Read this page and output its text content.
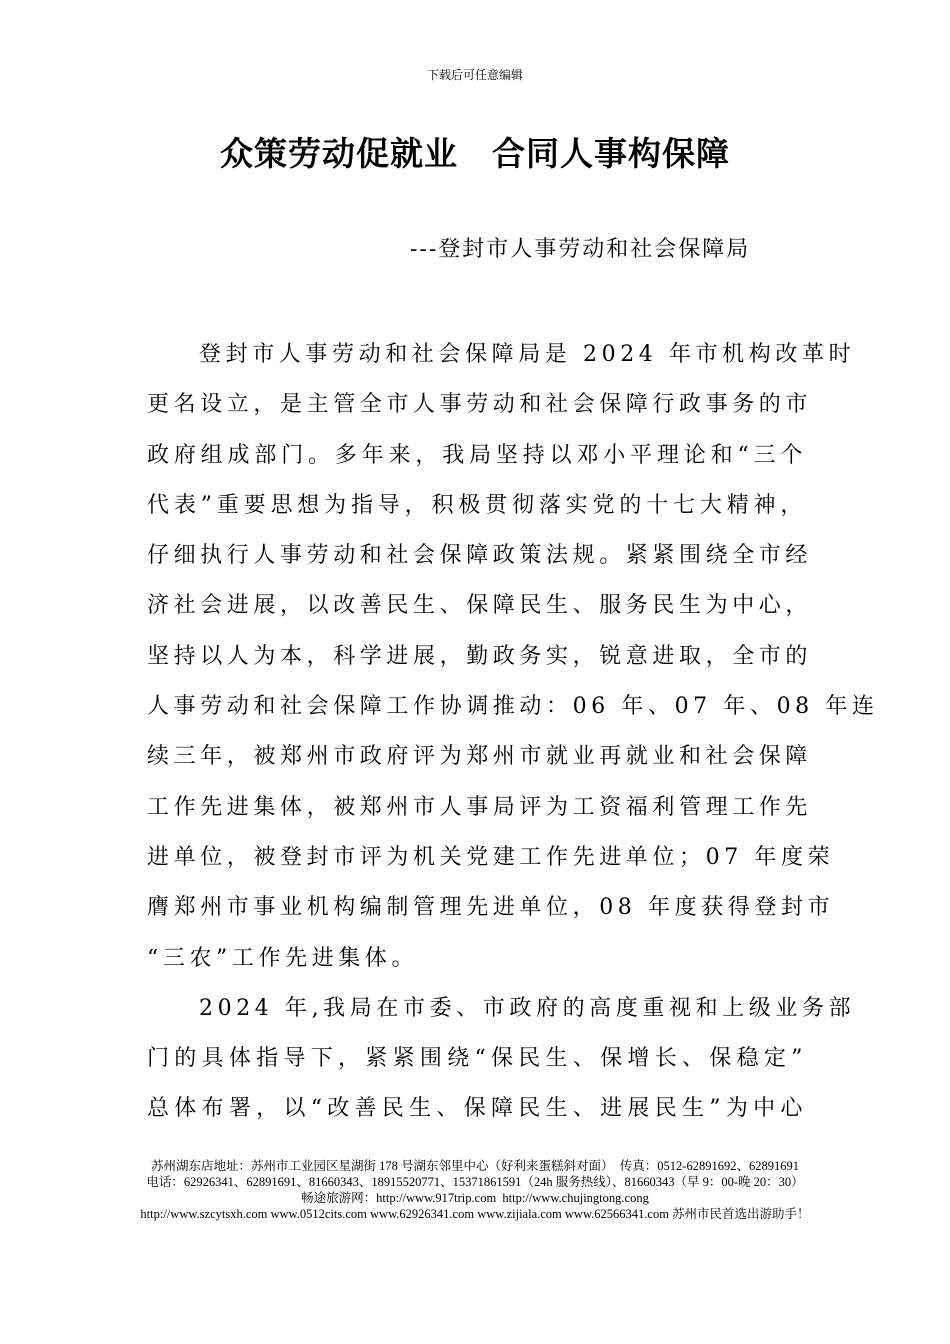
下载后可任意编辑
众策劳动促就业　合同人事构保障
---登封市人事劳动和社会保障局
登封市人事劳动和社会保障局是 2024 年市机构改革时
更名设立，是主管全市人事劳动和社会保障行政事务的市
政府组成部门。多年来，我局坚持以邓小平理论和“三个
代表”重要思想为指导，积极贯彻落实党的十七大精神，
仔细执行人事劳动和社会保障政策法规。紧紧围绕全市经
济社会进展，以改善民生、保障民生、服务民生为中心，
坚持以人为本，科学进展，勤政务实，锐意进取，全市的
人事劳动和社会保障工作协调推动：06 年、07 年、08 年连
续三年，被郑州市政府评为郑州市就业再就业和社会保障
工作先进集体，被郑州市人事局评为工资福利管理工作先
进单位，被登封市评为机关党建工作先进单位；07 年度荣
膺郑州市事业机构编制管理先进单位，08 年度获得登封市
“三农”工作先进集体。
2024 年,我局在市委、市政府的高度重视和上级业务部
门的具体指导下，紧紧围绕“保民生、保增长、保稳定”
总体布署，以“改善民生、保障民生、进展民生”为中心
苏州湖东店地址：苏州市工业园区星湖街 178 号湖东邻里中心（好利来蛋糕斜对面）　传真：0512-62891692、62891691
电话：62926341、62891691、81660343、18915520771、15371861591（24h 服务热线）、81660343（早 9：00-晚 20：30）
畅途旅游网：http://www.917trip.com  http://www.chujingtong.cong
http://www.szcytsxh.com www.0512cits.com www.62926341.com www.zijiala.com www.62566341.com 苏州市民首选出游助手！
